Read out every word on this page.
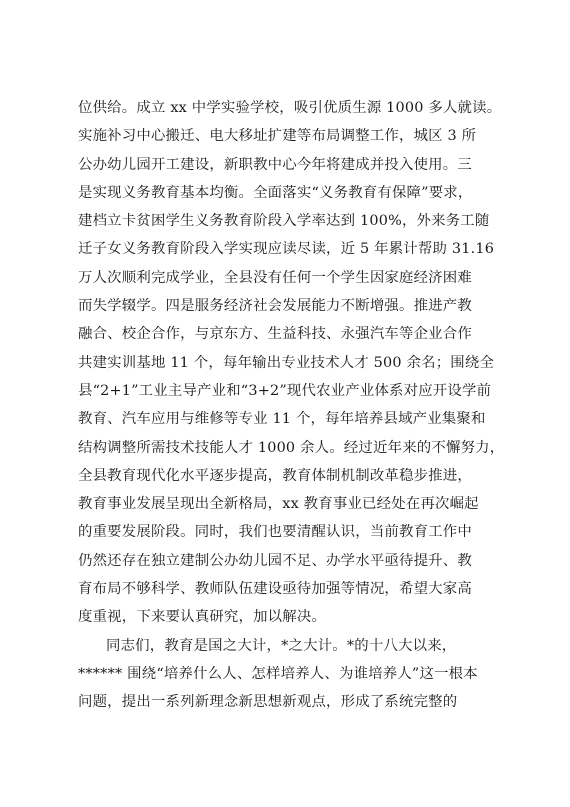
位供给。成立 xx 中学实验学校，吸引优质生源 1000 多人就读。
实施补习中心搬迁、电大移址扩建等布局调整工作，城区 3 所
公办幼儿园开工建设，新职教中心今年将建成并投入使用。三
是实现义务教育基本均衡。全面落实“义务教育有保障”要求，
建档立卡贫困学生义务教育阶段入学率达到 100%，外来务工随
迁子女义务教育阶段入学实现应读尽读，近 5 年累计帮助 31.16
万人次顺利完成学业，全县没有任何一个学生因家庭经济困难
而失学辍学。四是服务经济社会发展能力不断增强。推进产教
融合、校企合作，与京东方、生益科技、永强汽车等企业合作
共建实训基地 11 个，每年输出专业技术人才 500 余名；围绕全
县“2+1”工业主导产业和“3+2”现代农业产业体系对应开设学前
教育、汽车应用与维修等专业 11 个，每年培养县域产业集聚和
结构调整所需技术技能人才 1000 余人。经过近年来的不懈努力，
全县教育现代化水平逐步提高，教育体制机制改革稳步推进，
教育事业发展呈现出全新格局，xx 教育事业已经处在再次崛起
的重要发展阶段。同时，我们也要清醒认识，当前教育工作中
仍然还存在独立建制公办幼儿园不足、办学水平亟待提升、教
育布局不够科学、教师队伍建设亟待加强等情况，希望大家高
度重视，下来要认真研究，加以解决。
同志们，教育是国之大计，*之大计。*的十八大以来，
****** 围绕“培养什么人、怎样培养人、为谁培养人”这一根本
问题，提出一系列新理念新思想新观点，形成了系统完整的
